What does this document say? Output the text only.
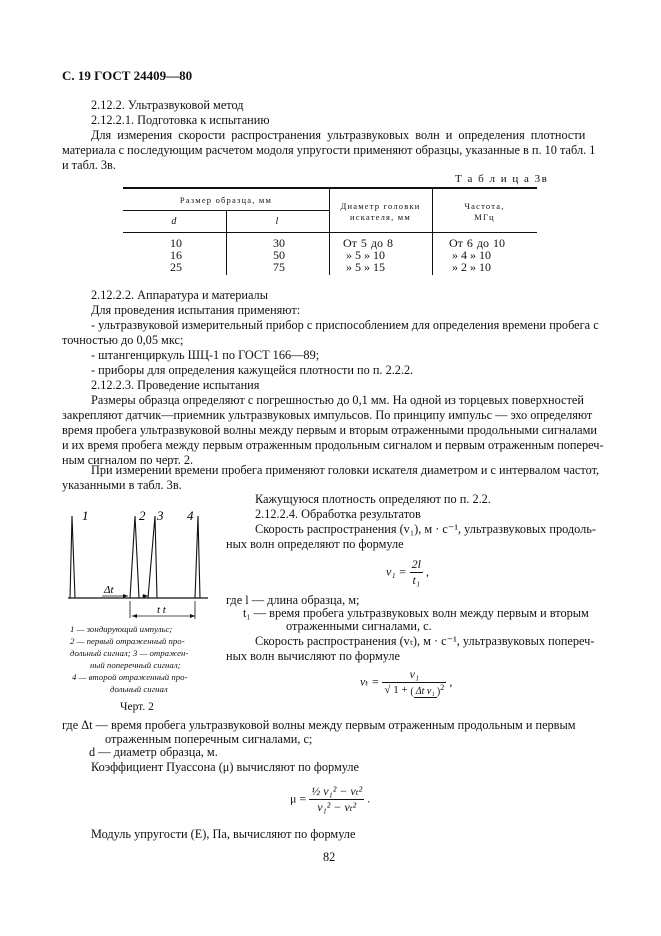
С. 19 ГОСТ 24409—80
2.12.2. Ультразвуковой метод
2.12.2.1. Подготовка к испытанию
Для измерения скорости распространения ультразвуковых волн и определения плотности
материала с последующим расчетом модоля упругости применяют образцы, указанные в п. 10 табл. 1
и табл. 3в.
Т а б л и ц а 3в
Размер образца, мм
d	l
Диаметр головки
искателя, мм
Частота,
МГц
10	30	От 5 до 8	От 6 до 10
16	50	» 5 » 10	» 4 » 10
25	75	» 5 » 15	» 2 » 10
2.12.2.2. Аппаратура и материалы
Для проведения испытания применяют:
- ультразвуковой измерительный прибор с приспособлением для определения времени пробега с
точностью до 0,05 мкс;
- штангенциркуль ШЦ-1 по ГОСТ 166—89;
- приборы для определения кажущейся плотности по п. 2.2.2.
2.12.2.3. Проведение испытания
Размеры образца определяют с погрешностью до 0,1 мм. На одной из торцевых поверхностей
закрепляют датчик—приемник ультразвуковых импульсов. По принципу импульс — эхо определяют
время пробега ультразвуковой волны между первым и вторым отраженными продольными сигналами
и их время пробега между первым отраженным продольным сигналом и первым отраженным попереч-
ным сигналом по черт. 2.
При измерении времени пробега применяют головки искателя диаметром и с интервалом частот,
указанными в табл. 3в.
1	2 3 4
Δt
t t
1 — зондирующий импульс;
2 — первый отраженный про-
дольный сигнал; 3 — отражен-
ный поперечный сигнал;
4 — второй отраженный про-
дольный сигнал
Черт. 2
Кажущуюся плотность определяют по п. 2.2.
2.12.2.4. Обработка результатов
Скорость распространения (v₁), м · с⁻¹, ультразвуковых продоль-
ных волн определяют по формуле
$v_1 = \frac{2l}{\text{t₁}}$ ,
где l — длина образца, м;
t₁ — время пробега ультразвуковых волн между первым и вторым
отраженными сигналами, с.
Скорость распространения (vₜ), м · с⁻¹, ультразвуковых попереч-
ных волн вычисляют по формуле
$v_t = \frac{\text{v₁}}{√ 1 + ( \Delta t v_1 )^2}$ ,
где Δt — время пробега ультразвуковой волны между первым отраженным продольным и первым
отраженным поперечным сигналами, с;
d — диаметр образца, м.
Коэффициент Пуассона (μ) вычисляют по формуле
$\mu = \frac{\text{½ v₁² − vₜ²}}{\text{v₁² − vₜ²}}$ .
Модуль упругости (E), Па, вычисляют по формуле
82
